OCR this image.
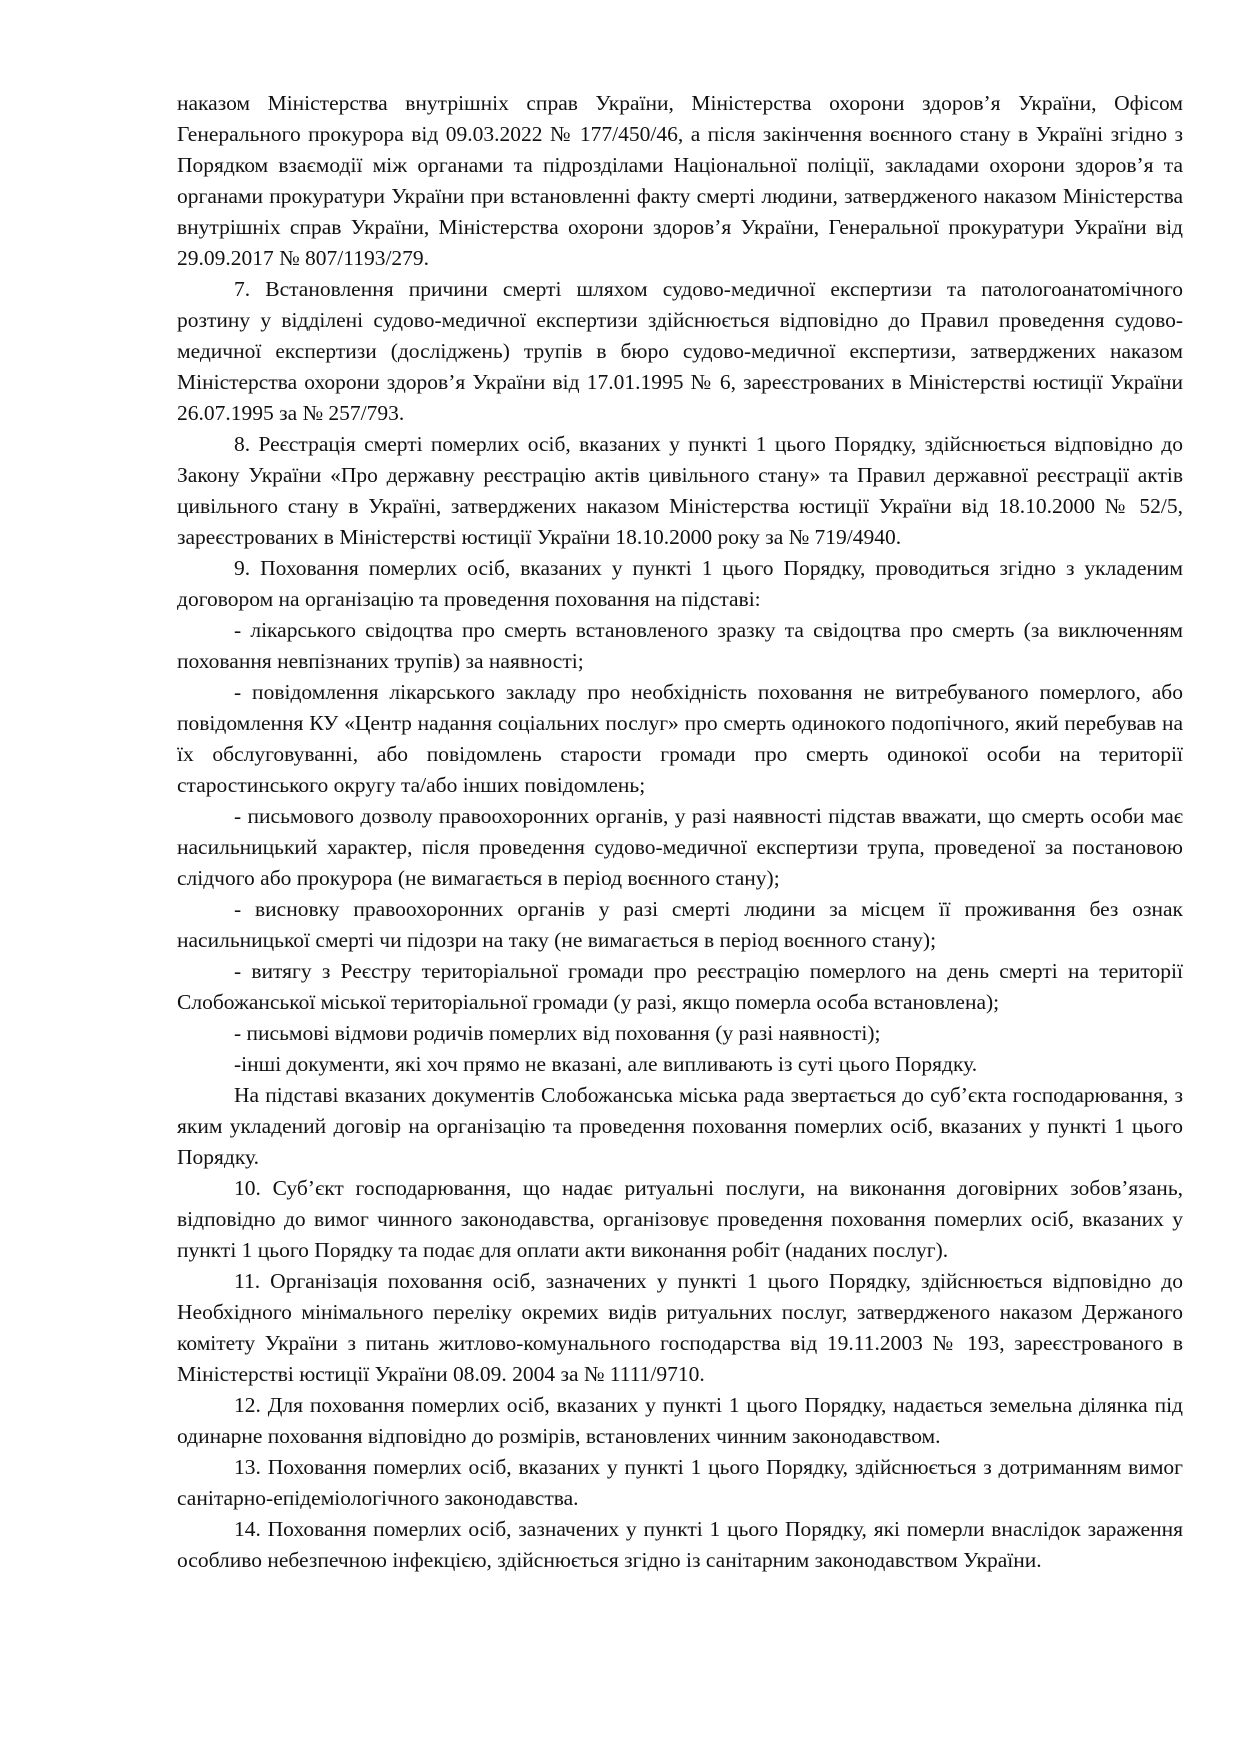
наказом Міністерства внутрішніх справ України, Міністерства охорони здоров’я України, Офісом Генерального прокурора від 09.03.2022 № 177/450/46, а після закінчення воєнного стану в Україні згідно з Порядком взаємодії між органами та підрозділами Національної поліції, закладами охорони здоров’я та органами прокуратури України при встановленні факту смерті людини, затвердженого наказом Міністерства внутрішніх справ України, Міністерства охорони здоров’я України, Генеральної прокуратури України від 29.09.2017 № 807/1193/279.

7. Встановлення причини смерті шляхом судово-медичної експертизи та патологоанатомічного розтину у відділені судово-медичної експертизи здійснюється відповідно до Правил проведення судово-медичної експертизи (досліджень) трупів в бюро судово-медичної експертизи, затверджених наказом Міністерства охорони здоров’я України від 17.01.1995 № 6, зареєстрованих в Міністерстві юстиції України 26.07.1995 за № 257/793.

8. Реєстрація смерті померлих осіб, вказаних у пункті 1 цього Порядку, здійснюється відповідно до Закону України «Про державну реєстрацію актів цивільного стану» та Правил державної реєстрації актів цивільного стану в Україні, затверджених наказом Міністерства юстиції України від 18.10.2000 № 52/5, зареєстрованих в Міністерстві юстиції України 18.10.2000 року за № 719/4940.

9. Поховання померлих осіб, вказаних у пункті 1 цього Порядку, проводиться згідно з укладеним договором на організацію та проведення поховання на підставі:

- лікарського свідоцтва про смерть встановленого зразку та свідоцтва про смерть (за виключенням поховання невпізнаних трупів) за наявності;

- повідомлення лікарського закладу про необхідність поховання не витребуваного померлого, або повідомлення КУ «Центр надання соціальних послуг» про смерть одинокого подопічного, який перебував на їх обслуговуванні, або повідомлень старости громади про смерть одинокої особи на території старостинського округу та/або інших повідомлень;

- письмового дозволу правоохоронних органів, у разі наявності підстав вважати, що смерть особи має насильницький характер, після проведення судово-медичної експертизи трупа, проведеної за постановою слідчого або прокурора (не вимагається в період воєнного стану);

- висновку правоохоронних органів у разі смерті людини за місцем її проживання без ознак насильницької смерті чи підозри на таку (не вимагається в період воєнного стану);

- витягу з Реєстру територіальної громади про реєстрацію померлого на день смерті на території Слобожанської міської територіальної громади (у разі, якщо померла особа встановлена);

- письмові відмови родичів померлих від поховання (у разі наявності);

-інші документи, які хоч прямо не вказані, але випливають із суті цього Порядку.

На підставі вказаних документів Слобожанська міська рада звертається до суб’єкта господарювання, з яким укладений договір на організацію та проведення поховання померлих осіб, вказаних у пункті 1 цього Порядку.

10. Суб’єкт господарювання, що надає ритуальні послуги, на виконання договірних зобов’язань, відповідно до вимог чинного законодавства, організовує проведення поховання померлих осіб, вказаних у пункті 1 цього Порядку та подає для оплати акти виконання робіт (наданих послуг).

11. Організація поховання осіб, зазначених у пункті 1 цього Порядку, здійснюється відповідно до Необхідного мінімального переліку окремих видів ритуальних послуг, затвердженого наказом Держаного комітету України з питань житлово-комунального господарства від 19.11.2003 № 193, зареєстрованого в Міністерстві юстиції України 08.09. 2004 за № 1111/9710.

12. Для поховання померлих осіб, вказаних у пункті 1 цього Порядку, надається земельна ділянка під одинарне поховання відповідно до розмірів, встановлених чинним законодавством.

13. Поховання померлих осіб, вказаних у пункті 1 цього Порядку, здійснюється з дотриманням вимог санітарно-епідеміологічного законодавства.

14. Поховання померлих осіб, зазначених у пункті 1 цього Порядку, які померли внаслідок зараження особливо небезпечною інфекцією, здійснюється згідно із санітарним законодавством України.
